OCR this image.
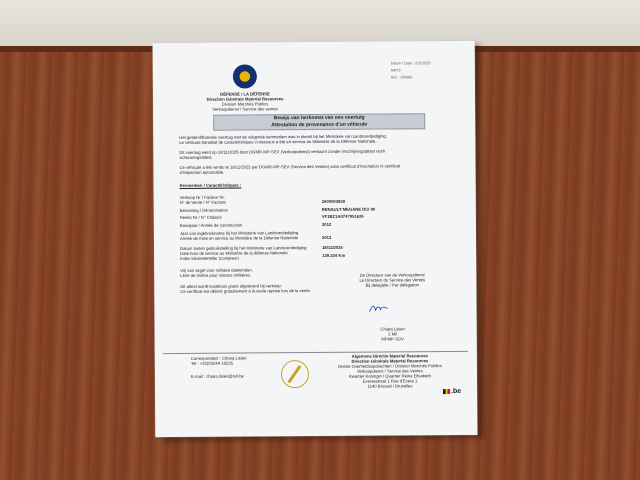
DÉFENSE / LA DÉFENSE
Direction Générale Material Resources
Division Marchés Publics
Verkoopdienst / Service des ventes
Datum / Date : 2/11/2025
MRT3
Ref. : 256681
Bewijs van herkomst van een voertuig
Attestation de provenance d'un véhicule
Het geïdentificeerde voertuig met de volgende kenmerken was in dienst bij het Ministerie van Landsverdediging.
Le véhicule banalisé de caractéristiques ci-dessous a été en service au Ministère de la Défense Nationale.
Dit voertuig werd op 18/11/2025 door DGMR-MP-SEV (Verkoopdienst) verkocht zonder inschrijvingsattest noch
schouwingsattest.
Ce véhicule a été vendu le 18/11/2025 par DGMR-MP-SEV (Service des Ventes) sans certificat d'inscription ni certificat
d'inspection automobile.
Kenmerken / Caractéristiques :
Verkoop Nr / Facteur Nr.
N° de Vente / N° Facture	2600003939
Benaming / Dénomination	RENAULT MEGANE DCI 90
Reeks Nr / N° Châssis	VF1BZ1A0747951626
Bouwjaar / Année de construction	2012
Jaar van ingebruikname bij het Ministerie van Landsverdediging
Année de mise en service au Ministère de la Défense Nationale	2013
Datum buiten gebruikstelling bij het Ministerie van Landsverdediging	18/11/2025
Date hors de service au Ministère de la défense Nationale
Index kilometerteller (compteur)
139.334 Km
Vrij van zegel voor militaire doeleinden.
Libre de timbre pour raisons militaires.
Dit attest wordt kosteloos gratis afgeleverd bij verkoop.
Ce certificat est délivré gratuitement à la seule reprise lors de la vente.
De Directeur van de Verkoopdienst
Le Directeur du Service des Ventes
Bij delegatie / Par délégation
Chiara Lisieri
2 Mil
MPMP-SDV
Correspondent : Chiara Lisieri
Tel : +32(0)2/44 16235
E-mail : chiara.lisieri@mil.be
Algemene Directie Material Resources
Direction Générale Material Resources
Divisie Overheidsopdrachten / Division Marchés Publics
Verkoopdienst / Service des Ventes
Kwartier Koningin / Quartier Reine Elisabeth
Eversestraat 1 Rue d'Evere 1
1140 Brussel / Bruxelles
.be
